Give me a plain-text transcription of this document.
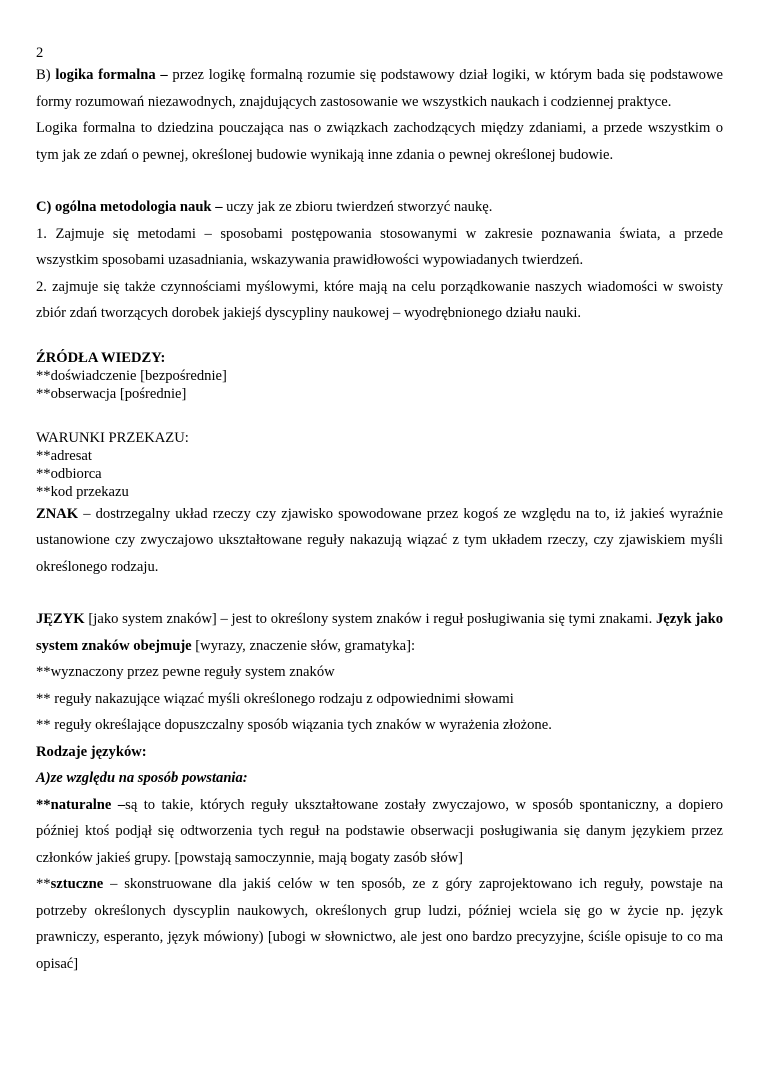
2

B) logika formalna – przez logikę formalną rozumie się podstawowy dział logiki, w którym bada się podstawowe formy rozumowań niezawodnych, znajdujących zastosowanie we wszystkich naukach i codziennej praktyce.

Logika formalna to dziedzina pouczająca nas o związkach zachodzących między zdaniami, a przede wszystkim o tym jak ze zdań o pewnej, określonej budowie wynikają inne zdania o pewnej określonej budowie.

C) ogólna metodologia nauk – uczy jak ze zbioru twierdzeń stworzyć naukę.

1. Zajmuje się metodami – sposobami postępowania stosowanymi w zakresie poznawania świata, a przede wszystkim sposobami uzasadniania, wskazywania prawidłowości wypowiadanych twierdzeń.

2. zajmuje się także czynnościami myślowymi, które mają na celu porządkowanie naszych wiadomości w swoisty zbiór zdań tworzących dorobek jakiejś dyscypliny naukowej – wyodrębnionego działu nauki.

ŹRÓDŁA WIEDZY:

**doświadczenie [bezpośrednie]

**obserwacja [pośrednie]

WARUNKI PRZEKAZU:

**adresat

**odbiorca

**kod przekazu

ZNAK – dostrzegalny układ rzeczy czy zjawisko spowodowane przez kogoś ze względu na to, iż jakieś wyraźnie ustanowione czy zwyczajowo ukształtowane reguły nakazują wiązać z tym układem rzeczy, czy zjawiskiem myśli określonego rodzaju.

JĘZYK [jako system znaków] – jest to określony system znaków i reguł posługiwania się tymi znakami. Język jako system znaków obejmuje [wyrazy, znaczenie słów, gramatyka]:

**wyznaczony przez pewne reguły system znaków

** reguły nakazujące wiązać myśli określonego rodzaju z odpowiednimi słowami

** reguły określające dopuszczalny sposób wiązania tych znaków w wyrażenia złożone.

Rodzaje języków:

A)ze względu na sposób powstania:

**naturalne –są to takie, których reguły ukształtowane zostały zwyczajowo, w sposób spontaniczny, a dopiero później ktoś podjął się odtworzenia tych reguł na podstawie obserwacji posługiwania się danym językiem przez członków jakieś grupy. [powstają samoczynnie, mają bogaty zasób słów]

**sztuczne – skonstruowane dla jakiś celów w ten sposób, ze z góry zaprojektowano ich reguły, powstaje na potrzeby określonych dyscyplin naukowych, określonych grup ludzi, później wciela się go w życie np. język prawniczy, esperanto, język mówiony) [ubogi w słownictwo, ale jest ono bardzo precyzyjne, ściśle opisuje to co ma opisać]
